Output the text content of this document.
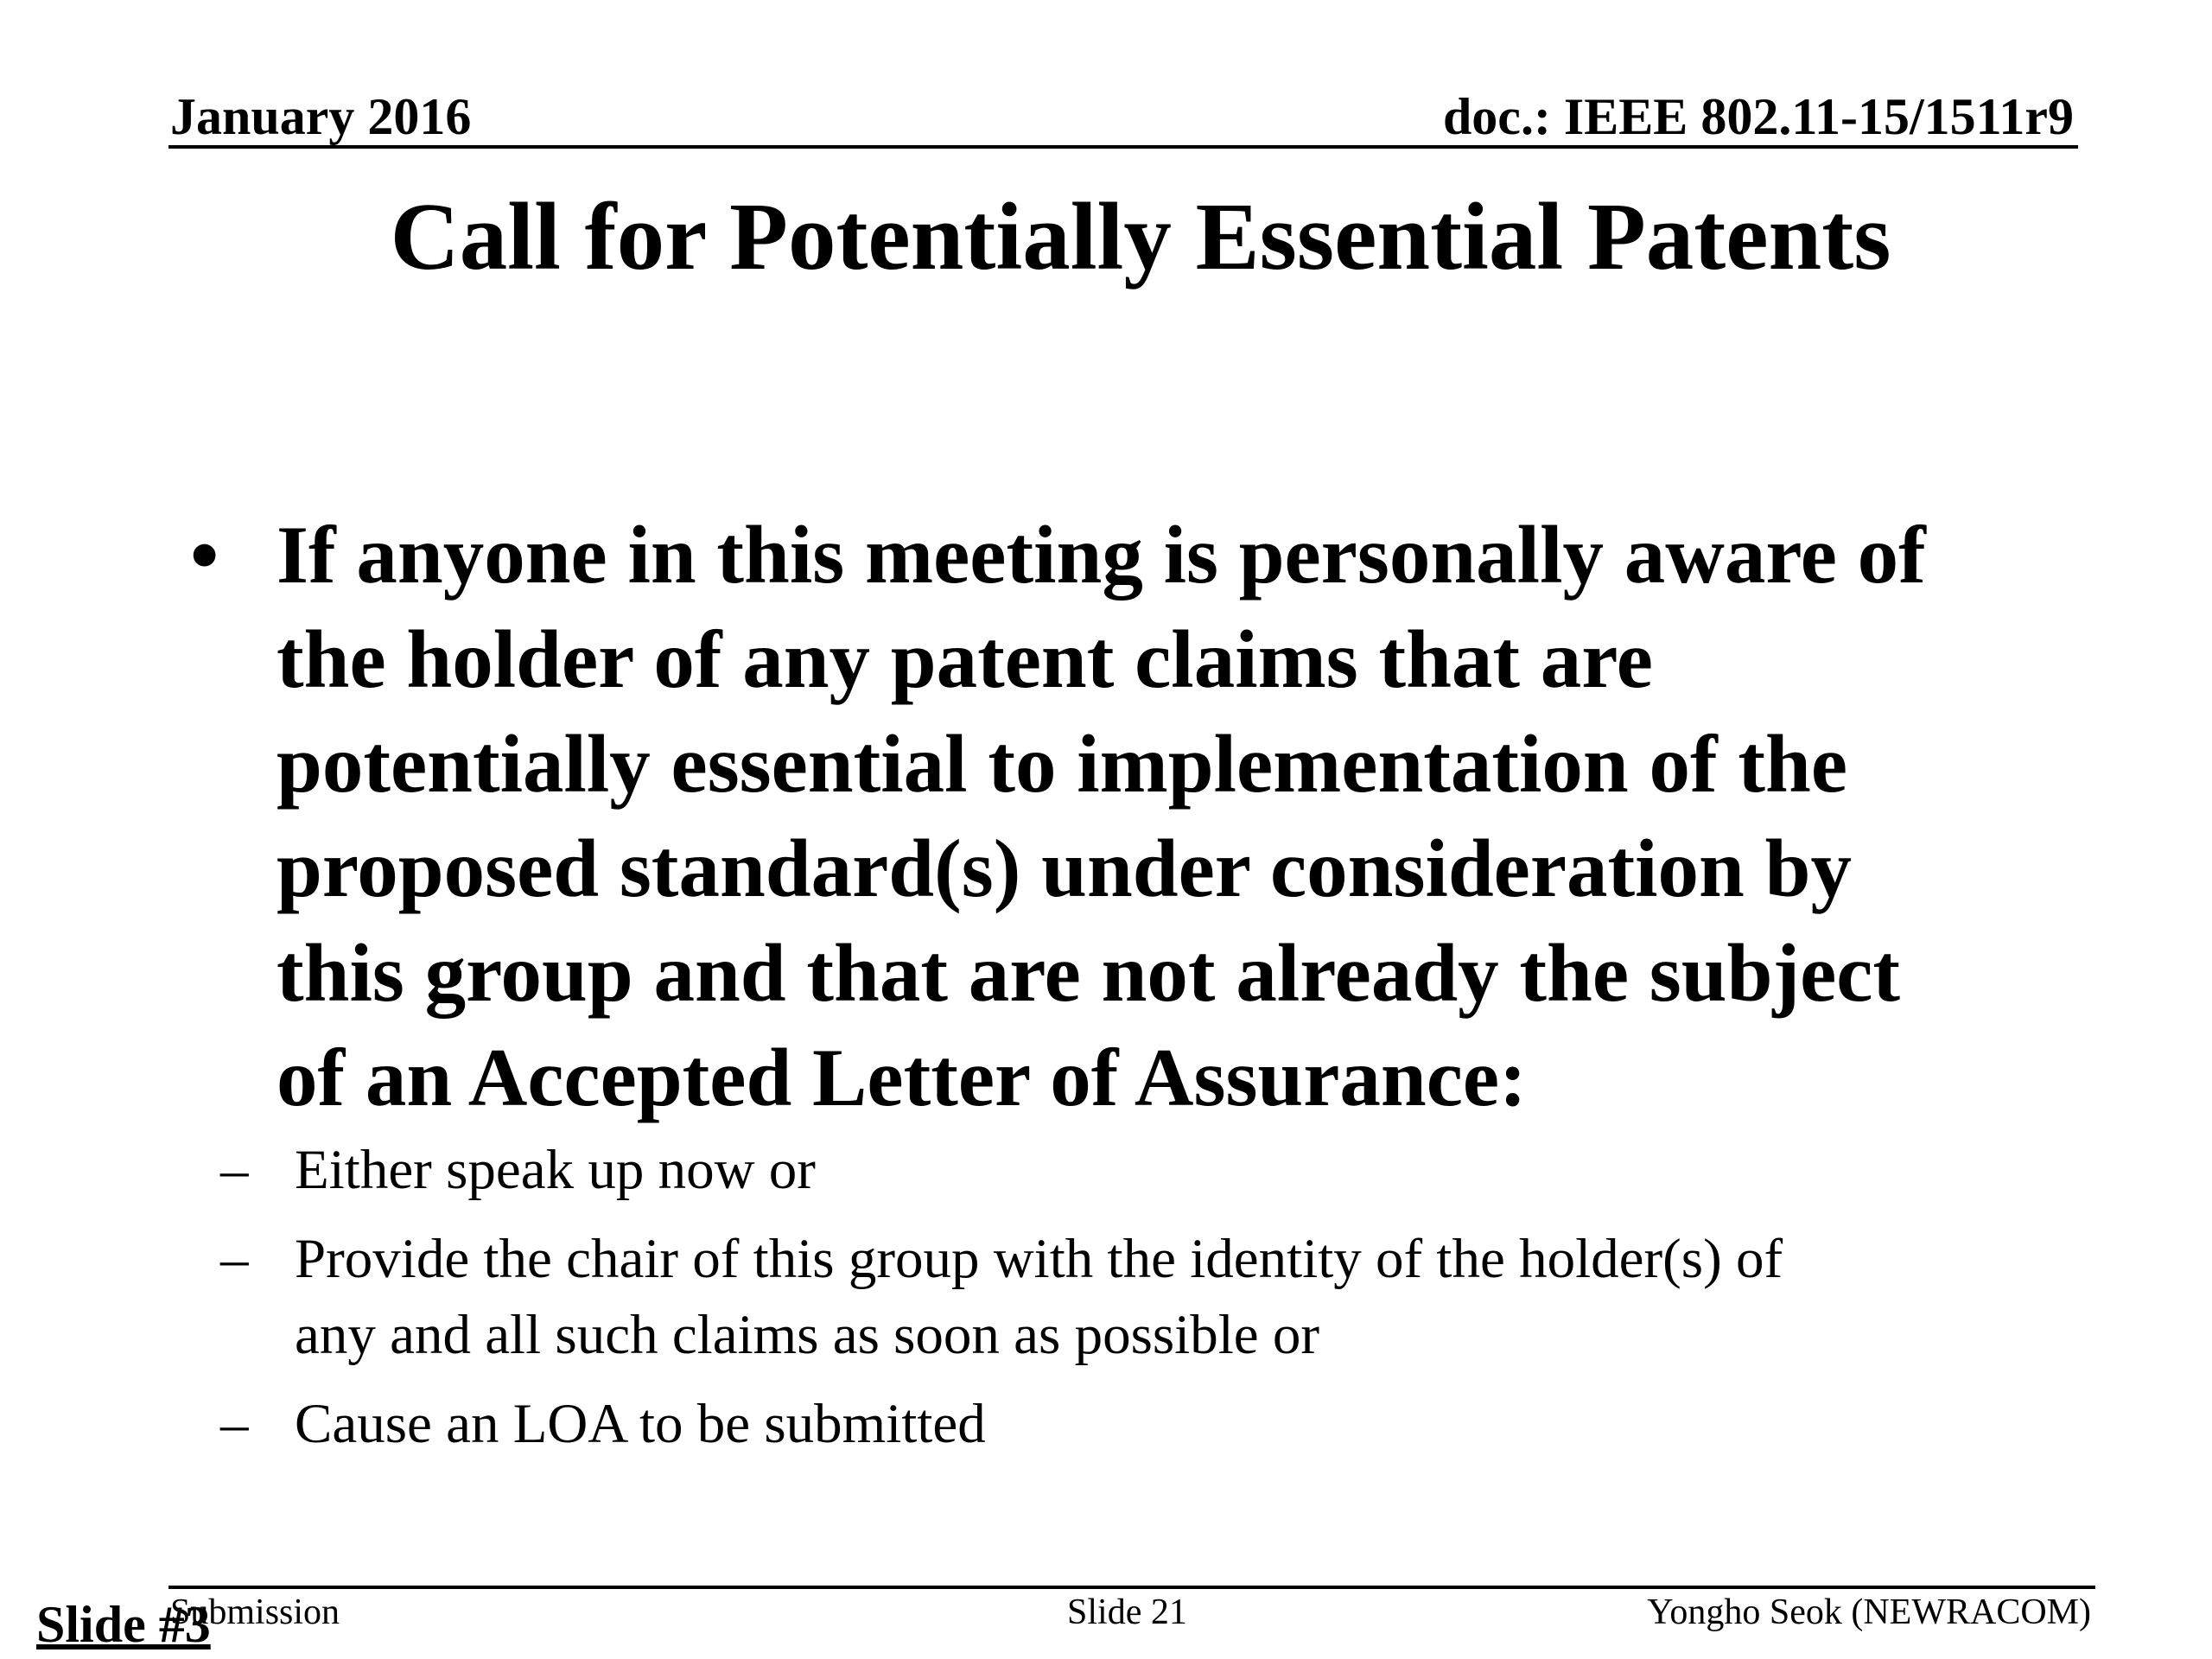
January 2016	doc.: IEEE 802.11-15/1511r9
Call for Potentially Essential Patents
• If anyone in this meeting is personally aware of

the holder of any patent claims that are

potentially essential to implementation of the

proposed standard(s) under consideration by

this group and that are not already the subject

of an Accepted Letter of Assurance:

– Either speak up now or

– Provide the chair of this group with the identity of the holder(s) of

any and all such claims as soon as possible or

– Cause an LOA to be submitted

Submission	Slide 21	Yongho Seok (NEWRACOM)
Slide #3
